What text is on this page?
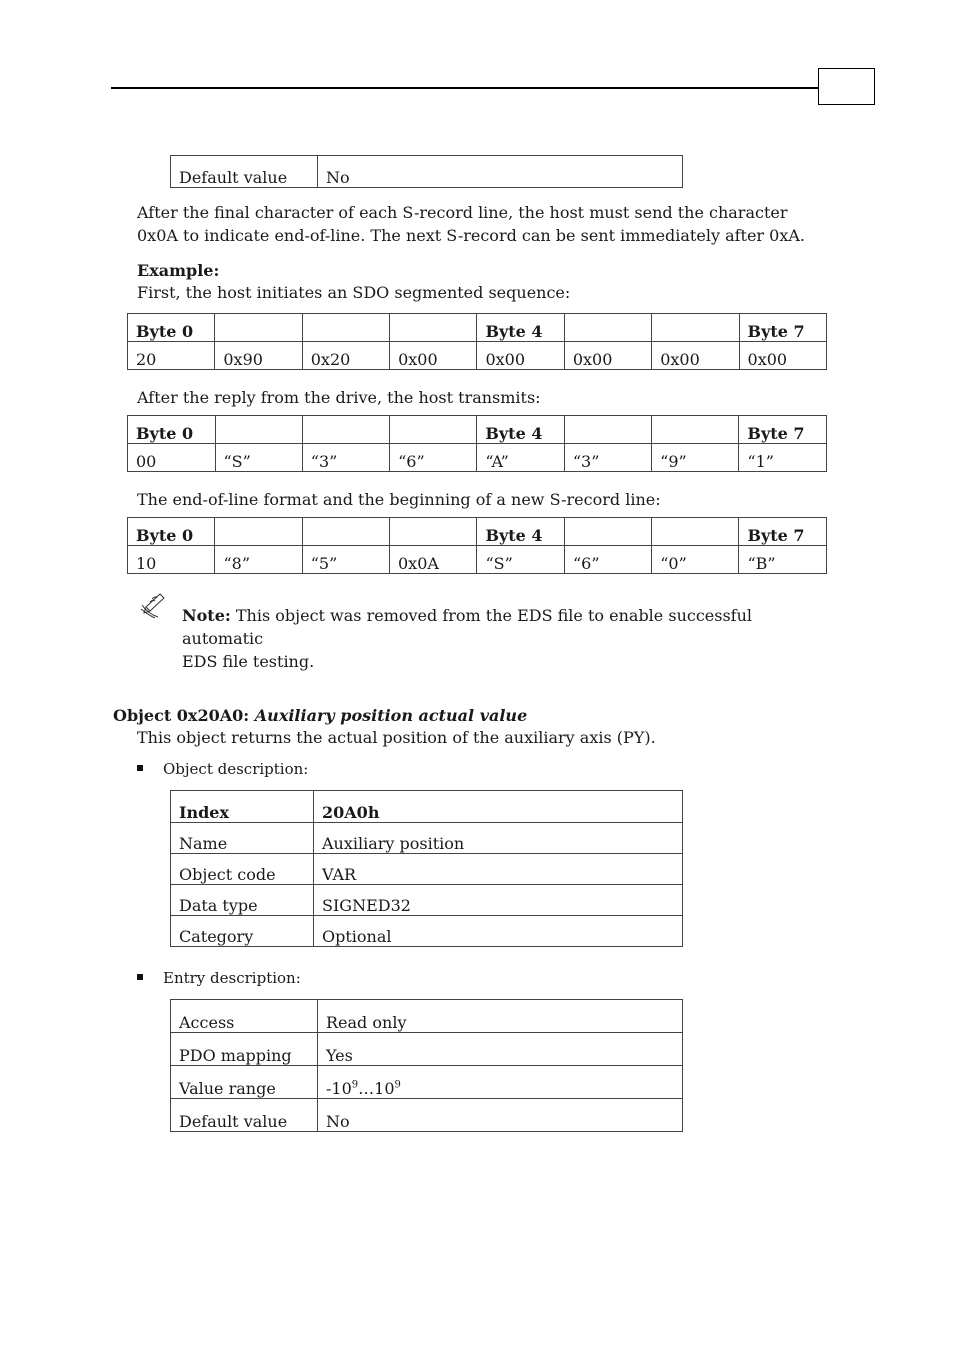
Default value	No
After the final character of each S-record line, the host must send the character 0x0A to indicate end-of-line. The next S-record can be sent immediately after 0xA.
Example:
First, the host initiates an SDO segmented sequence:
Byte 0				Byte 4			Byte 7
20	0x90	0x20	0x00	0x00	0x00	0x00	0x00
After the reply from the drive, the host transmits:
Byte 0				Byte 4			Byte 7
00	“S”	“3”	“6”	“A”	“3”	“9”	“1”
The end-of-line format and the beginning of a new S-record line:
Byte 0				Byte 4			Byte 7
10	“8”	“5”	0x0A	“S”	“6”	“0”	“B”
Note: This object was removed from the EDS file to enable successful automatic
EDS file testing.
Object 0x20A0: Auxiliary position actual value
This object returns the actual position of the auxiliary axis (PY).
Object description:
Index	20A0h
Name	Auxiliary position
Object code	VAR
Data type	SIGNED32
Category	Optional
Entry description:
Access	Read only
PDO mapping	Yes
Value range	$-10^9\dots 10^9$
Default value	No
